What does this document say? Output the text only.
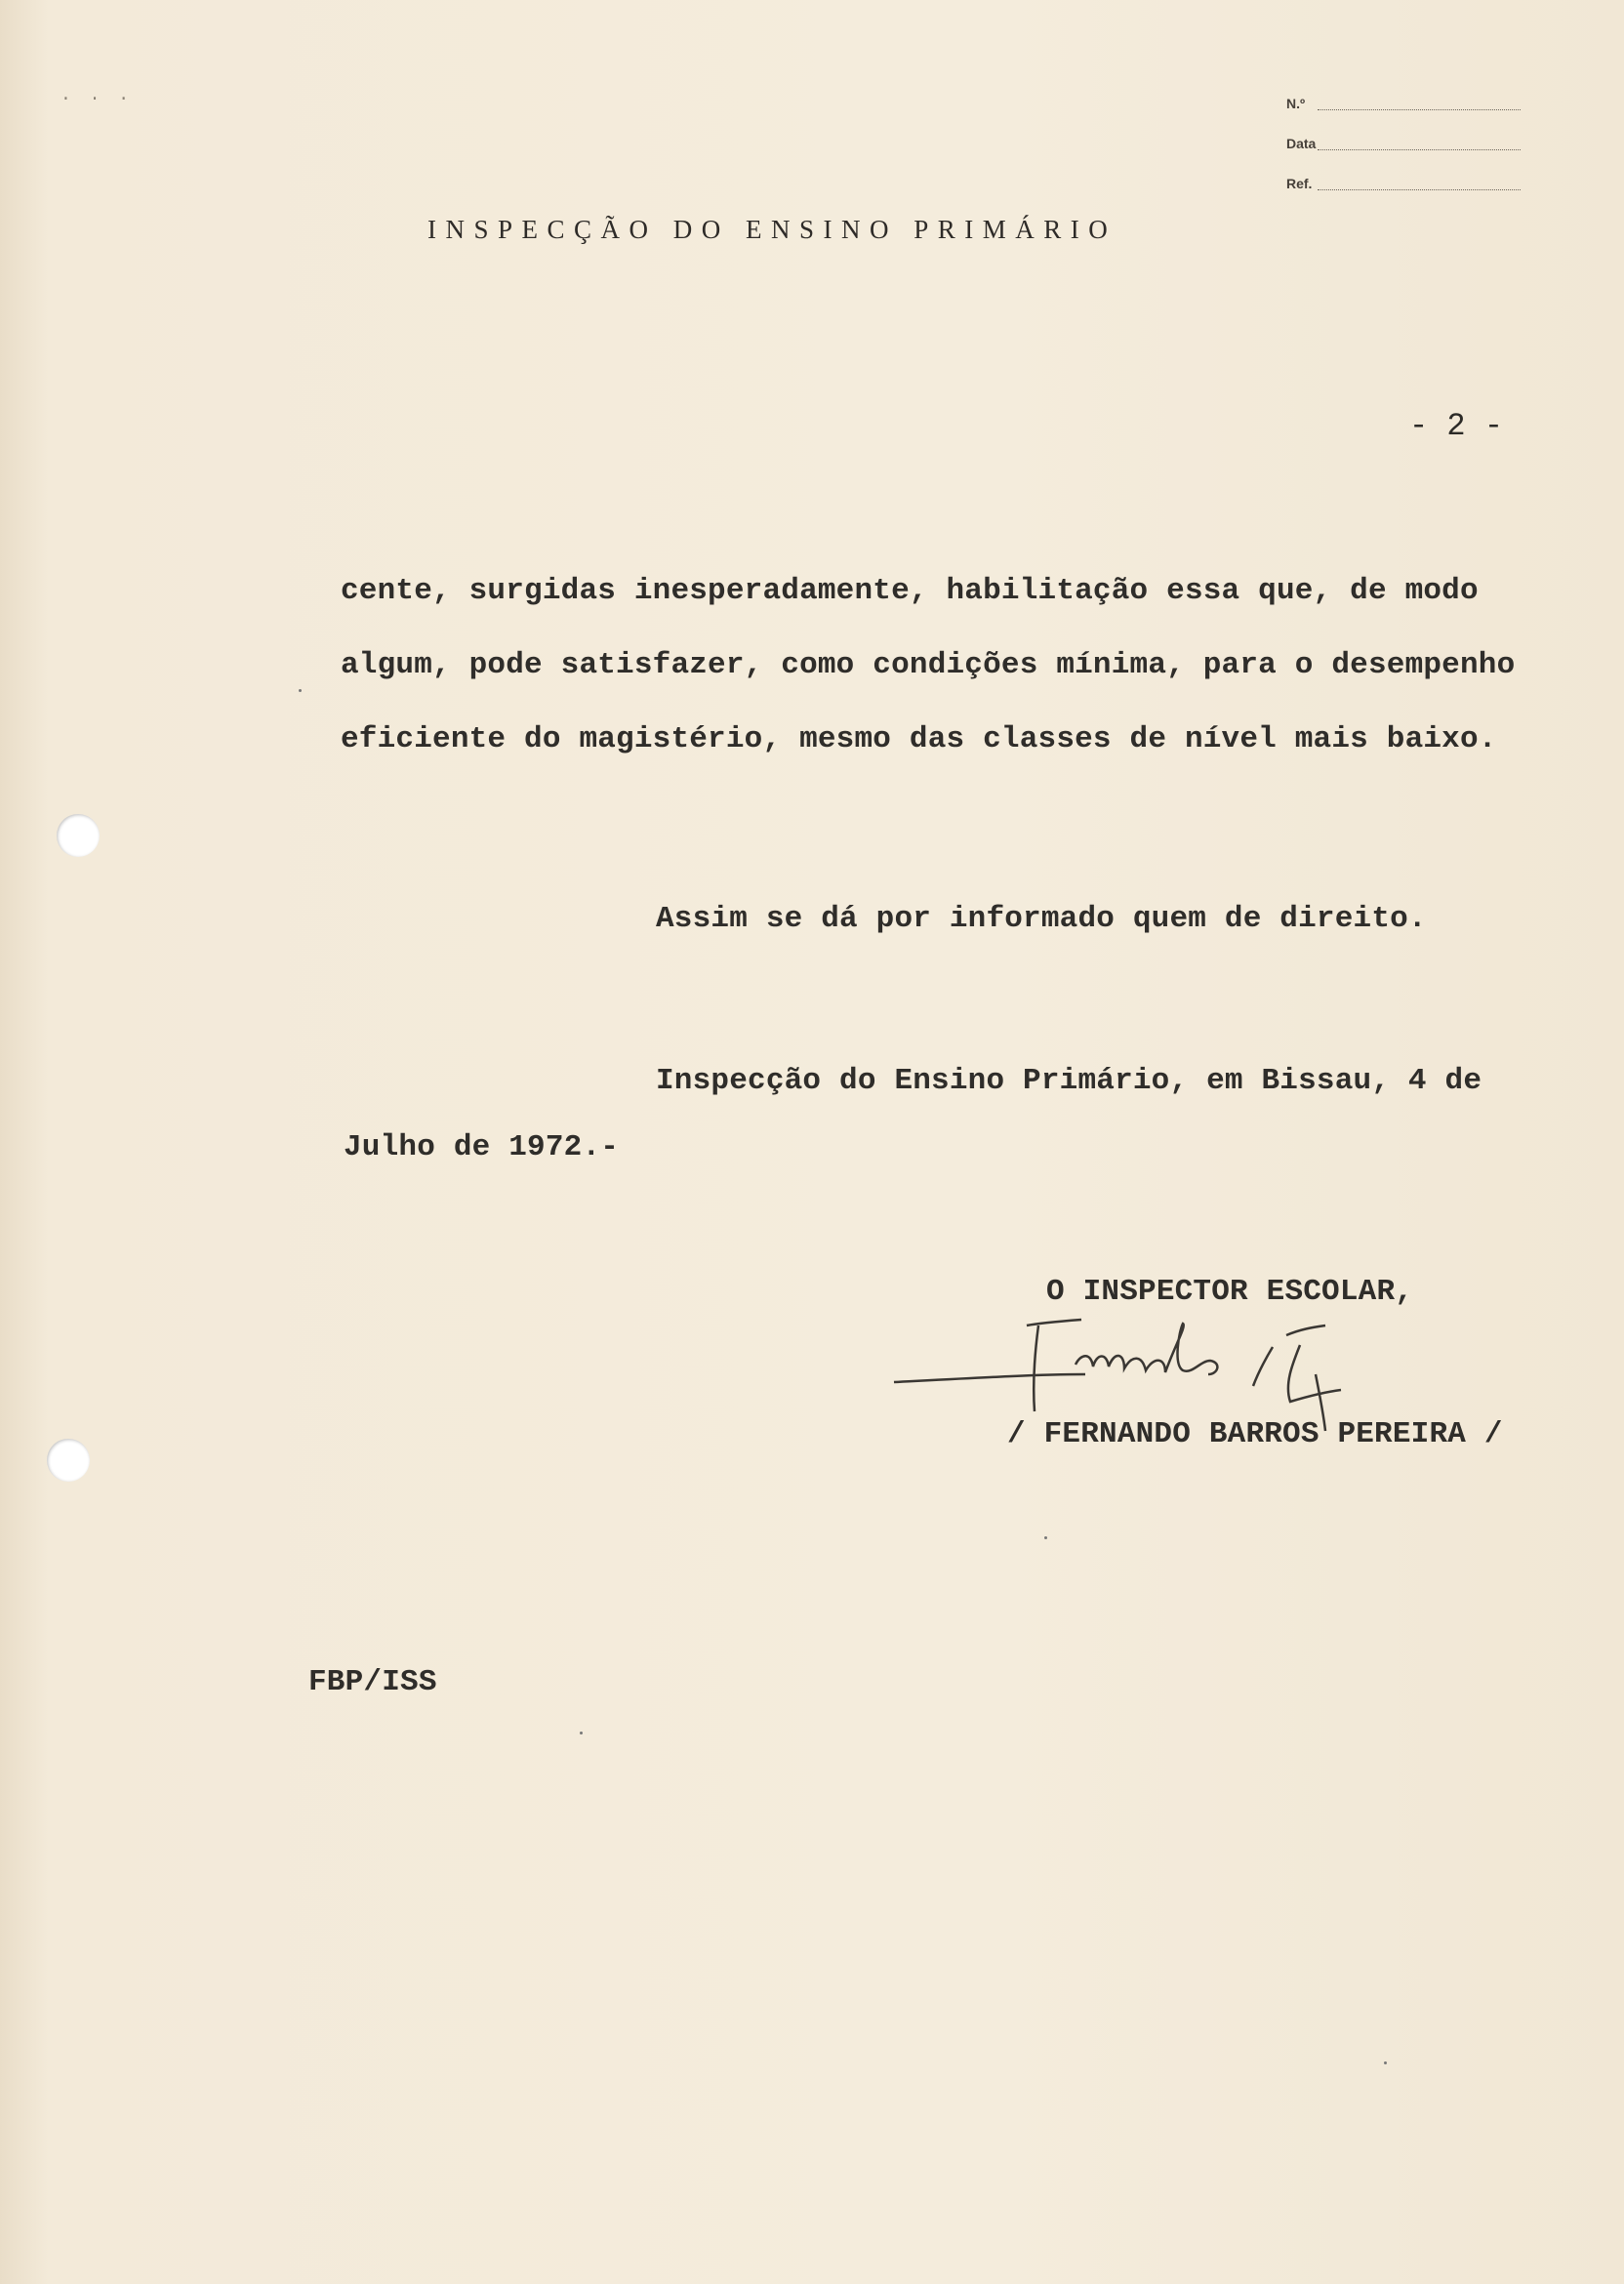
· · ·	N.º
Data
Ref.
INSPECÇÃO DO ENSINO PRIMÁRIO
- 2 -
cente, surgidas inesperadamente, habilitação essa que, de modo
algum, pode satisfazer, como condições mínima, para o desempenho
eficiente do magistério, mesmo das classes de nível mais baixo.
Assim se dá por informado quem de direito.
Inspecção do Ensino Primário, em Bissau, 4 de
Julho de 1972.-
O INSPECTOR ESCOLAR,
/ FERNANDO BARROS PEREIRA /
FBP/ISS
